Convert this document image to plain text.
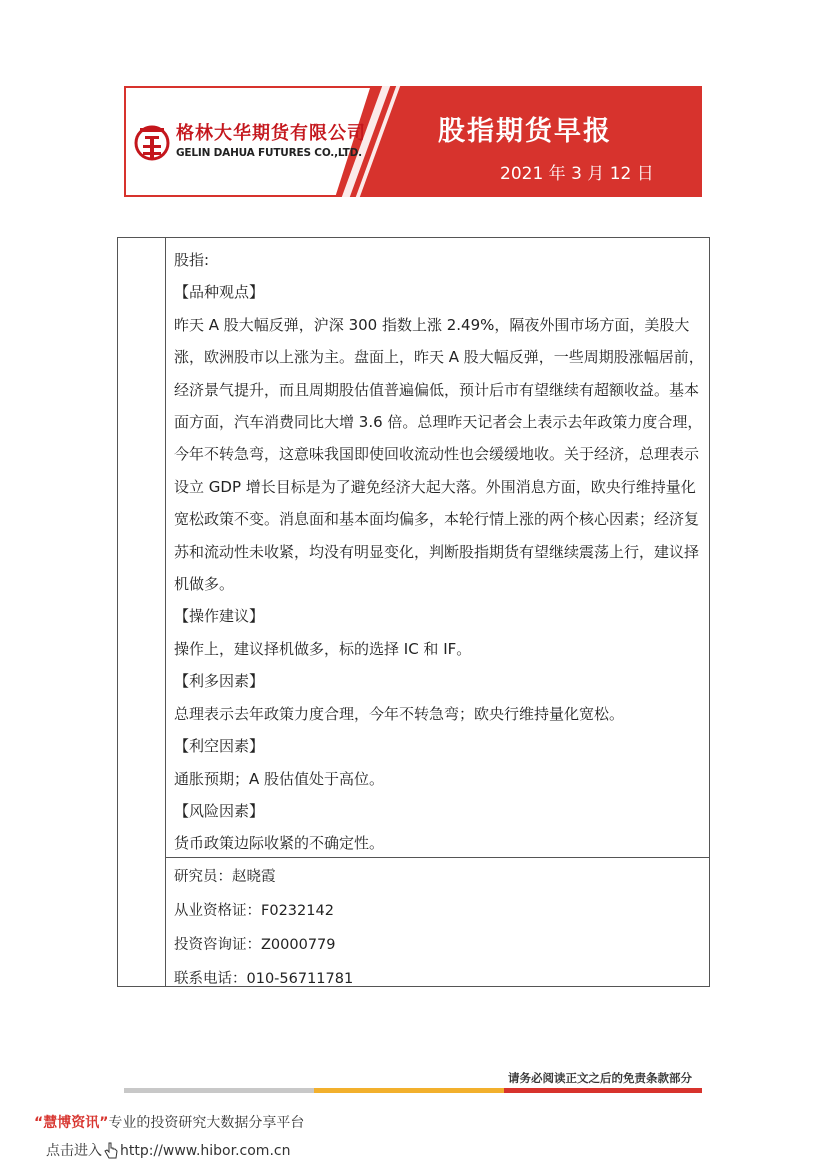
格林大华期货有限公司
GELIN DAHUA FUTURES CO.,LTD.
股指期货早报
2021 年 3 月 12 日

股指:

【品种观点】

昨天 A 股大幅反弹，沪深 300 指数上涨 2.49%，隔夜外围市场方面，美股大涨，欧洲股市以上涨为主。盘面上，昨天 A 股大幅反弹，一些周期股涨幅居前，经济景气提升，而且周期股估值普遍偏低，预计后市有望继续有超额收益。基本面方面，汽车消费同比大增 3.6 倍。总理昨天记者会上表示去年政策力度合理，今年不转急弯，这意味我国即使回收流动性也会缓缓地收。关于经济，总理表示设立 GDP 增长目标是为了避免经济大起大落。外围消息方面，欧央行维持量化宽松政策不变。消息面和基本面均偏多，本轮行情上涨的两个核心因素；经济复苏和流动性未收紧，均没有明显变化，判断股指期货有望继续震荡上行，建议择机做多。

【操作建议】

操作上，建议择机做多，标的选择 IC 和 IF。

【利多因素】

总理表示去年政策力度合理，今年不转急弯；欧央行维持量化宽松。

【利空因素】

通胀预期；A 股估值处于高位。

【风险因素】

货币政策边际收紧的不确定性。

研究员：赵晓霞

从业资格证：F0232142

投资咨询证：Z0000779

联系电话：010-56711781

请务必阅读正文之后的免责条款部分
“慧博资讯”专业的投资研究大数据分享平台
点击进入 http://www.hibor.com.cn
